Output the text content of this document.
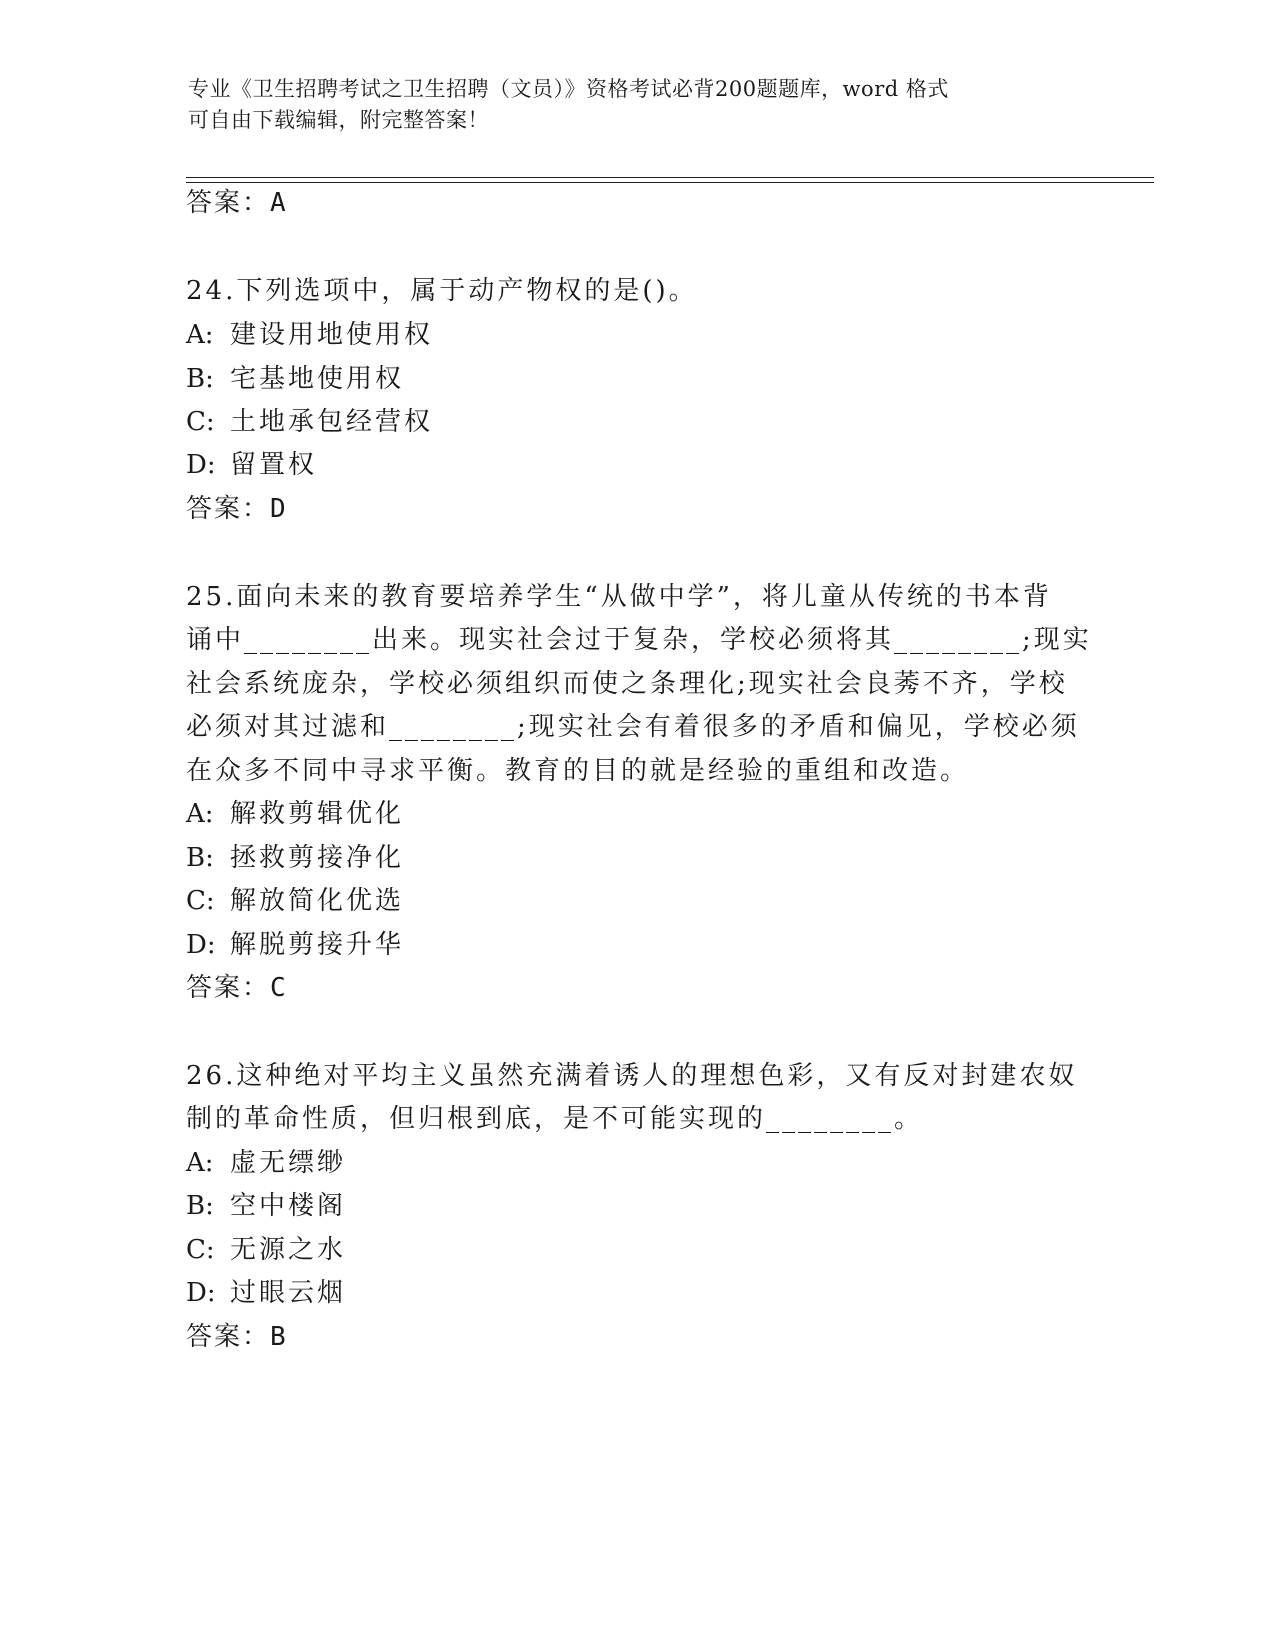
专业《卫生招聘考试之卫生招聘（文员）》资格考试必背200题题库，word 格式
可自由下载编辑，附完整答案！
答案：A
24.下列选项中，属于动产物权的是()。
A: 建设用地使用权
B: 宅基地使用权
C: 土地承包经营权
D: 留置权
答案：D
25.面向未来的教育要培养学生“从做中学”，将儿童从传统的书本背
诵中________出来。现实社会过于复杂，学校必须将其________;现实
社会系统庞杂，学校必须组织而使之条理化;现实社会良莠不齐，学校
必须对其过滤和________;现实社会有着很多的矛盾和偏见，学校必须
在众多不同中寻求平衡。教育的目的就是经验的重组和改造。
A: 解救剪辑优化
B: 拯救剪接净化
C: 解放简化优选
D: 解脱剪接升华
答案：C
26.这种绝对平均主义虽然充满着诱人的理想色彩，又有反对封建农奴
制的革命性质，但归根到底，是不可能实现的________。
A: 虚无缥缈
B: 空中楼阁
C: 无源之水
D: 过眼云烟
答案：B
